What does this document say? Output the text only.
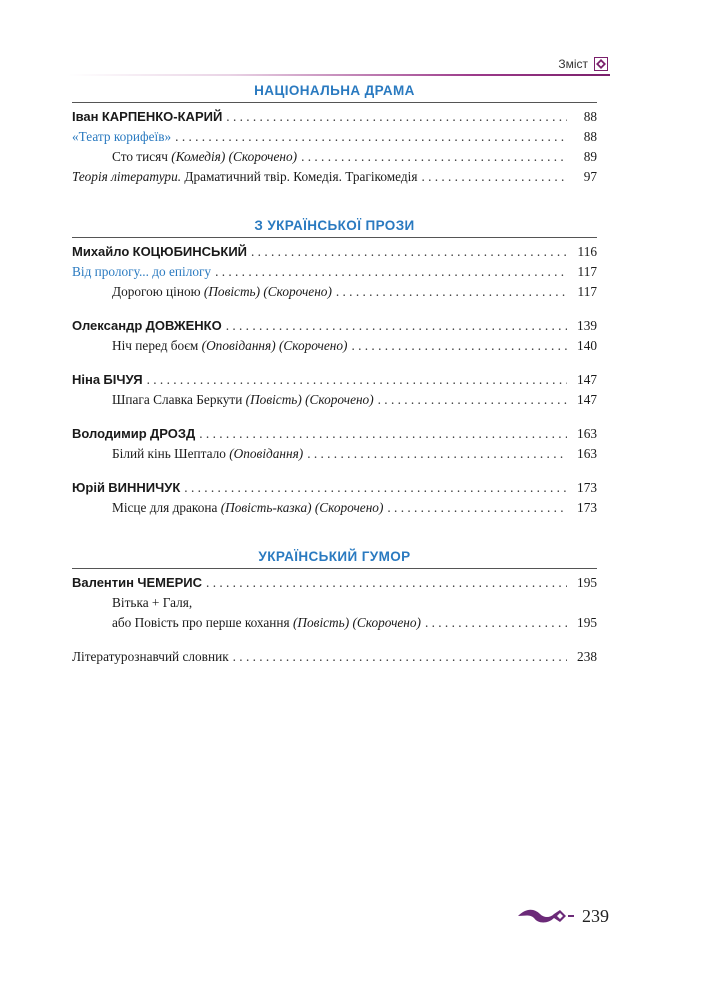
Зміст
НАЦІОНАЛЬНА ДРАМА
Іван КАРПЕНКО-КАРИЙ . . .	88
«Театр корифеїв» . . .	88
Сто тисяч (Комедія) (Скорочено) . . .	89
Теорія літератури. Драматичний твір. Комедія. Трагікомедія . . .	97
З УКРАЇНСЬКОЇ ПРОЗИ
Михайло КОЦЮБИНСЬКИЙ . . .	116
Від прологу... до епілогу . . .	117
Дорогою ціною (Повість) (Скорочено) . . .	117
Олександр ДОВЖЕНКО . . .	139
Ніч перед боєм (Оповідання) (Скорочено) . . .	140
Ніна БІЧУЯ . . .	147
Шпага Славка Беркути (Повість) (Скорочено) . . .	147
Володимир ДРОЗД . . .	163
Білий кінь Шептало (Оповідання) . . .	163
Юрій ВИННИЧУК . . .	173
Місце для дракона (Повість-казка) (Скорочено) . . .	173
УКРАЇНСЬКИЙ ГУМОР
Валентин ЧЕМЕРИС . . .	195
Вітька + Галя,
або Повість про перше кохання (Повість) (Скорочено) . . .	195
Літературознавчий словник . . .	238
239
